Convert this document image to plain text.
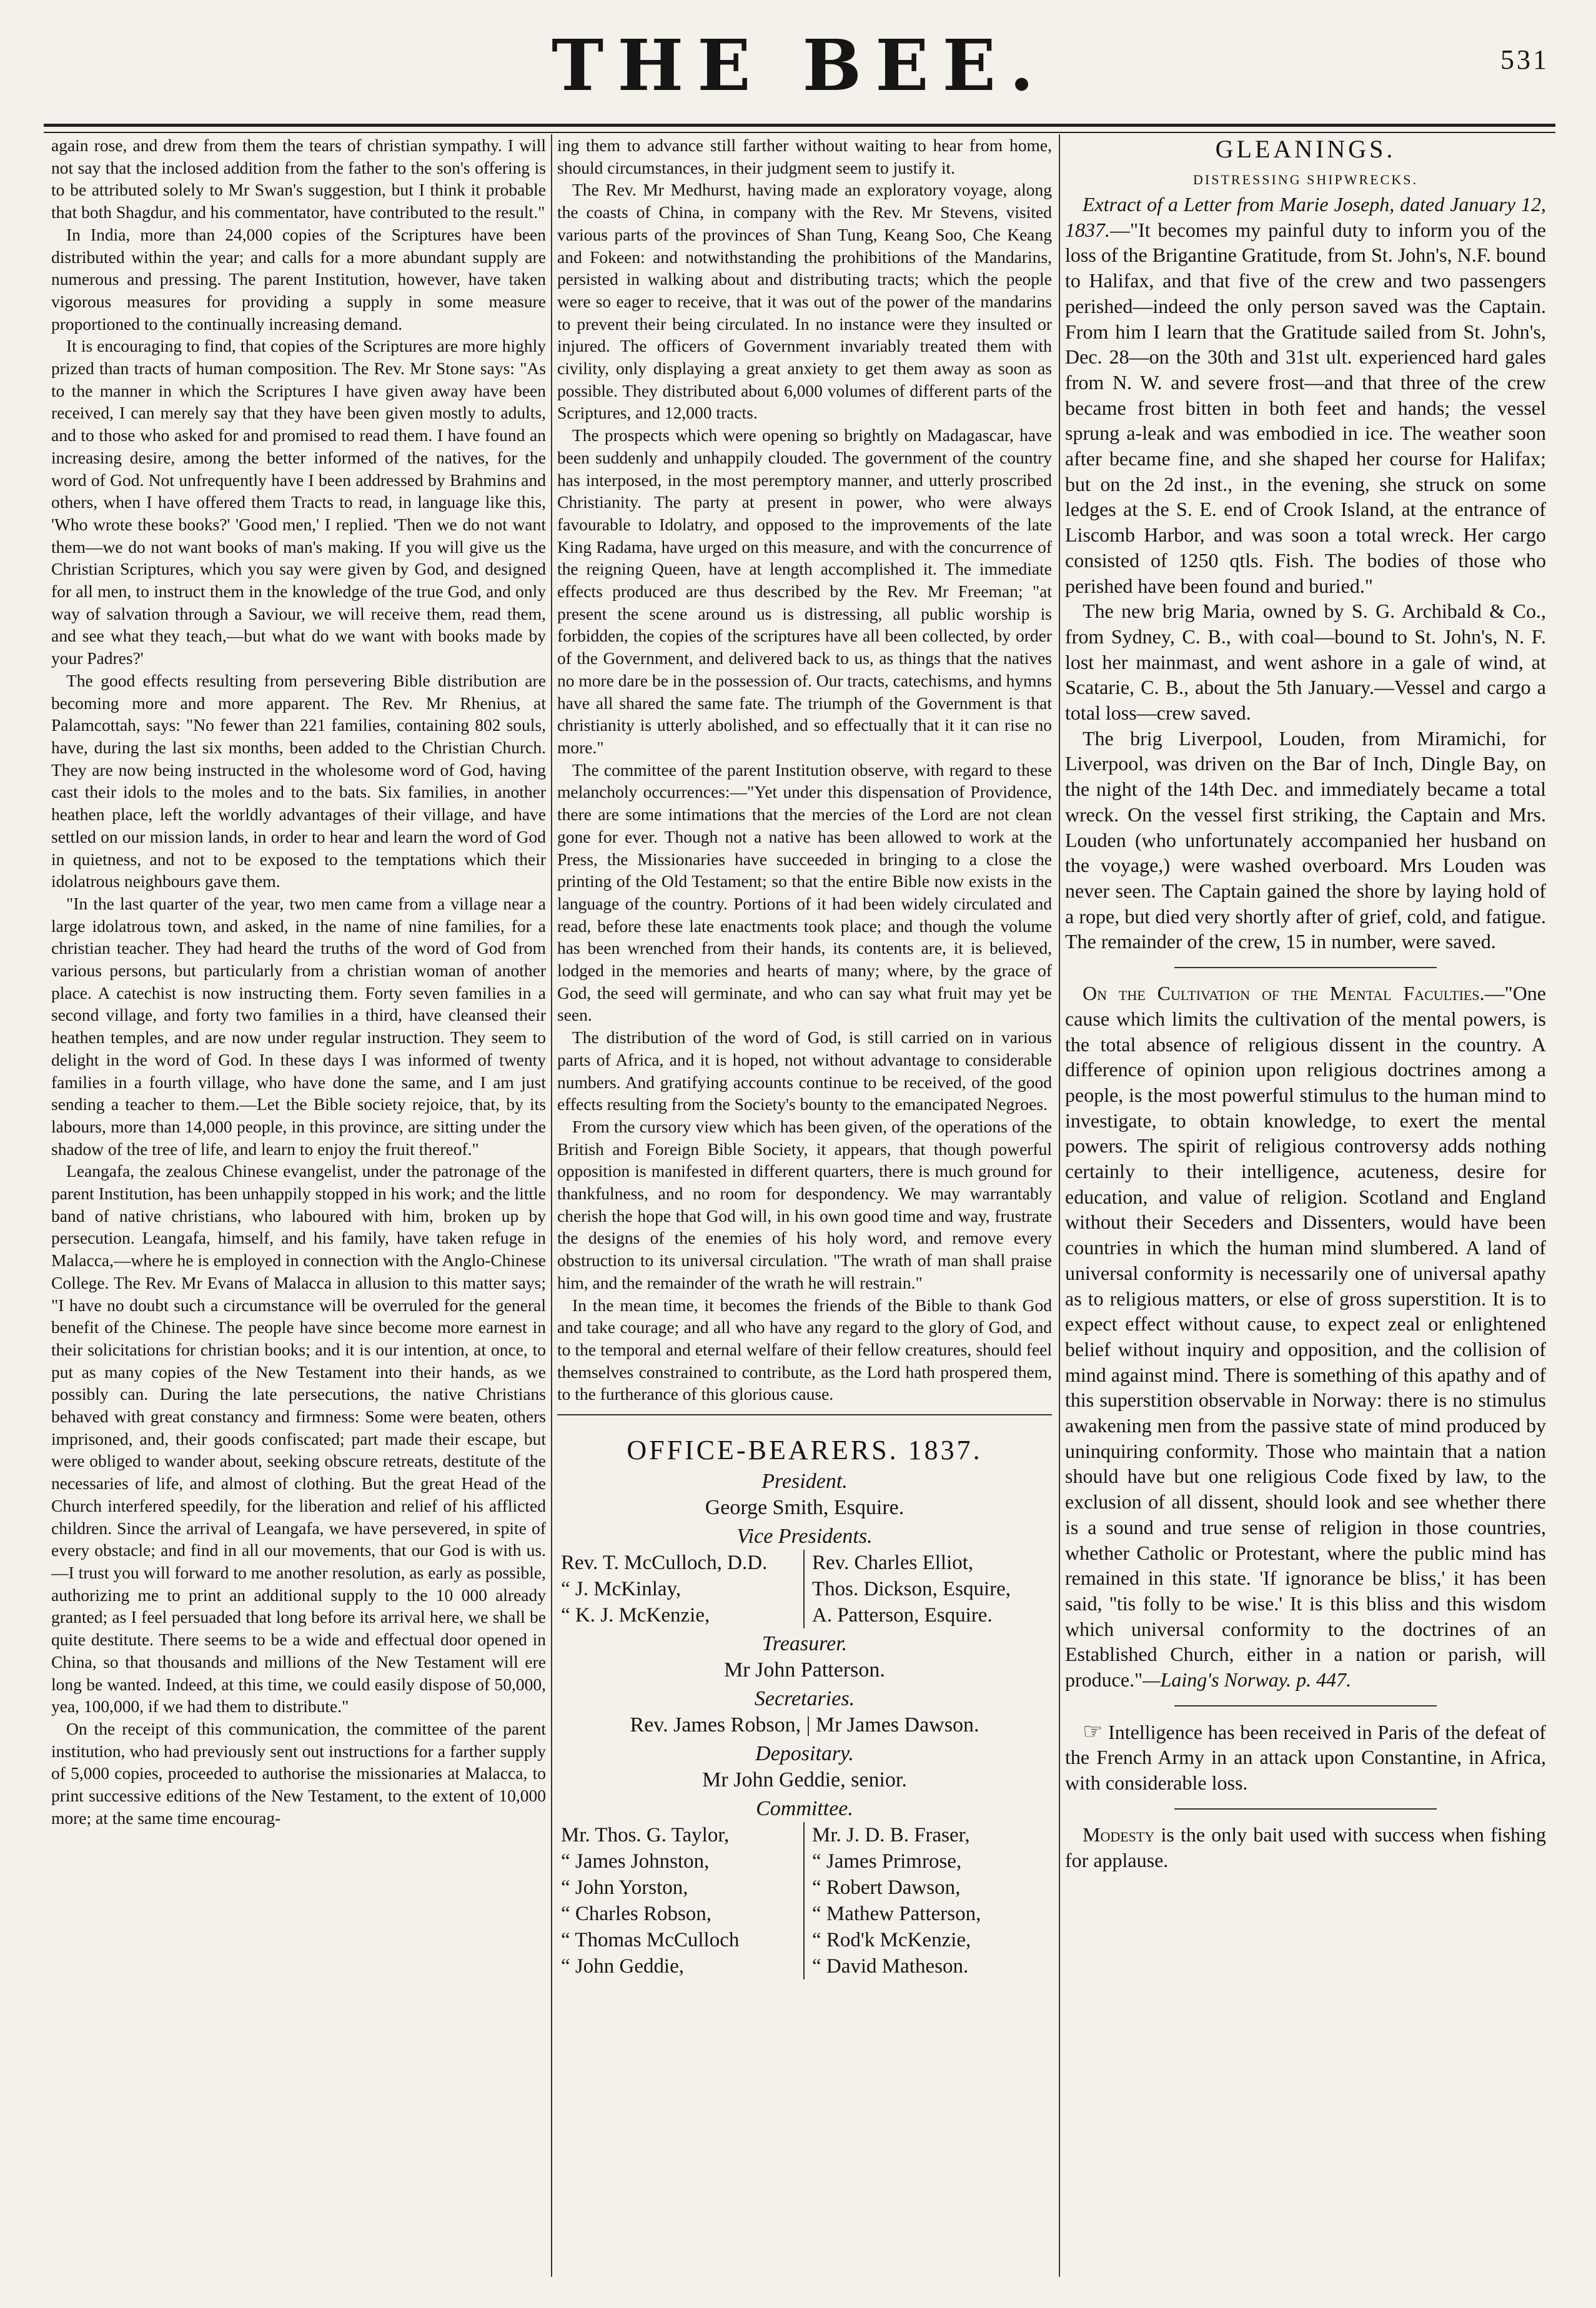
THE BEE.	531

again rose, and drew from them the tears of christian sympathy. I will not say that the inclosed addition from the father to the son's offering is to be attributed solely to Mr Swan's suggestion, but I think it probable that both Shagdur, and his commentator, have contributed to the result."

In India, more than 24,000 copies of the Scriptures have been distributed within the year; and calls for a more abundant supply are numerous and pressing. The parent Institution, however, have taken vigorous measures for providing a supply in some measure proportioned to the continually increasing demand.

It is encouraging to find, that copies of the Scriptures are more highly prized than tracts of human composition. The Rev. Mr Stone says: "As to the manner in which the Scriptures I have given away have been received, I can merely say that they have been given mostly to adults, and to those who asked for and promised to read them. I have found an increasing desire, among the better informed of the natives, for the word of God. Not unfrequently have I been addressed by Brahmins and others, when I have offered them Tracts to read, in language like this, 'Who wrote these books?' 'Good men,' I replied. 'Then we do not want them—we do not want books of man's making. If you will give us the Christian Scriptures, which you say were given by God, and designed for all men, to instruct them in the knowledge of the true God, and only way of salvation through a Saviour, we will receive them, read them, and see what they teach,—but what do we want with books made by your Padres?'

The good effects resulting from persevering Bible distribution are becoming more and more apparent. The Rev. Mr Rhenius, at Palamcottah, says: "No fewer than 221 families, containing 802 souls, have, during the last six months, been added to the Christian Church. They are now being instructed in the wholesome word of God, having cast their idols to the moles and to the bats. Six families, in another heathen place, left the worldly advantages of their village, and have settled on our mission lands, in order to hear and learn the word of God in quietness, and not to be exposed to the temptations which their idolatrous neighbours gave them.

"In the last quarter of the year, two men came from a village near a large idolatrous town, and asked, in the name of nine families, for a christian teacher. They had heard the truths of the word of God from various persons, but particularly from a christian woman of another place. A catechist is now instructing them. Forty seven families in a second village, and forty two families in a third, have cleansed their heathen temples, and are now under regular instruction. They seem to delight in the word of God. In these days I was informed of twenty families in a fourth village, who have done the same, and I am just sending a teacher to them.—Let the Bible society rejoice, that, by its labours, more than 14,000 people, in this province, are sitting under the shadow of the tree of life, and learn to enjoy the fruit thereof."

Leangafa, the zealous Chinese evangelist, under the patronage of the parent Institution, has been unhappily stopped in his work; and the little band of native christians, who laboured with him, broken up by persecution. Leangafa, himself, and his family, have taken refuge in Malacca,—where he is employed in connection with the Anglo-Chinese College. The Rev. Mr Evans of Malacca in allusion to this matter says; "I have no doubt such a circumstance will be overruled for the general benefit of the Chinese. The people have since become more earnest in their solicitations for christian books; and it is our intention, at once, to put as many copies of the New Testament into their hands, as we possibly can. During the late persecutions, the native Christians behaved with great constancy and firmness: Some were beaten, others imprisoned, and, their goods confiscated; part made their escape, but were obliged to wander about, seeking obscure retreats, destitute of the necessaries of life, and almost of clothing. But the great Head of the Church interfered speedily, for the liberation and relief of his afflicted children. Since the arrival of Leangafa, we have persevered, in spite of every obstacle; and find in all our movements, that our God is with us.—I trust you will forward to me another resolution, as early as possible, authorizing me to print an additional supply to the 10 000 already granted; as I feel persuaded that long before its arrival here, we shall be quite destitute. There seems to be a wide and effectual door opened in China, so that thousands and millions of the New Testament will ere long be wanted. Indeed, at this time, we could easily dispose of 50,000, yea, 100,000, if we had them to distribute."

On the receipt of this communication, the committee of the parent institution, who had previously sent out instructions for a farther supply of 5,000 copies, proceeded to authorise the missionaries at Malacca, to print successive editions of the New Testament, to the extent of 10,000 more; at the same time encourag-

ing them to advance still farther without waiting to hear from home, should circumstances, in their judgment seem to justify it.

The Rev. Mr Medhurst, having made an exploratory voyage, along the coasts of China, in company with the Rev. Mr Stevens, visited various parts of the provinces of Shan Tung, Keang Soo, Che Keang and Fokeen: and notwithstanding the prohibitions of the Mandarins, persisted in walking about and distributing tracts; which the people were so eager to receive, that it was out of the power of the mandarins to prevent their being circulated. In no instance were they insulted or injured. The officers of Government invariably treated them with civility, only displaying a great anxiety to get them away as soon as possible. They distributed about 6,000 volumes of different parts of the Scriptures, and 12,000 tracts.

The prospects which were opening so brightly on Madagascar, have been suddenly and unhappily clouded. The government of the country has interposed, in the most peremptory manner, and utterly proscribed Christianity. The party at present in power, who were always favourable to Idolatry, and opposed to the improvements of the late King Radama, have urged on this measure, and with the concurrence of the reigning Queen, have at length accomplished it. The immediate effects produced are thus described by the Rev. Mr Freeman; "at present the scene around us is distressing, all public worship is forbidden, the copies of the scriptures have all been collected, by order of the Government, and delivered back to us, as things that the natives no more dare be in the possession of. Our tracts, catechisms, and hymns have all shared the same fate. The triumph of the Government is that christianity is utterly abolished, and so effectually that it it can rise no more."

The committee of the parent Institution observe, with regard to these melancholy occurrences:—"Yet under this dispensation of Providence, there are some intimations that the mercies of the Lord are not clean gone for ever. Though not a native has been allowed to work at the Press, the Missionaries have succeeded in bringing to a close the printing of the Old Testament; so that the entire Bible now exists in the language of the country. Portions of it had been widely circulated and read, before these late enactments took place; and though the volume has been wrenched from their hands, its contents are, it is believed, lodged in the memories and hearts of many; where, by the grace of God, the seed will germinate, and who can say what fruit may yet be seen.

The distribution of the word of God, is still carried on in various parts of Africa, and it is hoped, not without advantage to considerable numbers. And gratifying accounts continue to be received, of the good effects resulting from the Society's bounty to the emancipated Negroes.

From the cursory view which has been given, of the operations of the British and Foreign Bible Society, it appears, that though powerful opposition is manifested in different quarters, there is much ground for thankfulness, and no room for despondency. We may warrantably cherish the hope that God will, in his own good time and way, frustrate the designs of the enemies of his holy word, and remove every obstruction to its universal circulation. "The wrath of man shall praise him, and the remainder of the wrath he will restrain."

In the mean time, it becomes the friends of the Bible to thank God and take courage; and all who have any regard to the glory of God, and to the temporal and eternal welfare of their fellow creatures, should feel themselves constrained to contribute, as the Lord hath prospered them, to the furtherance of this glorious cause.

OFFICE-BEARERS. 1837.
President.
George Smith, Esquire.
Vice Presidents.
Rev. T. McCulloch, D.D.
“ J. McKinlay,
“ K. J. McKenzie,
Rev. Charles Elliot,
Thos. Dickson, Esquire,
A. Patterson, Esquire.
Treasurer.
Mr John Patterson.
Secretaries.
Rev. James Robson, | Mr James Dawson.
Depositary.
Mr John Geddie, senior.
Committee.
Mr. Thos. G. Taylor,
“ James Johnston,
“ John Yorston,
“ Charles Robson,
“ Thomas McCulloch
“ John Geddie,
Mr. J. D. B. Fraser,
“ James Primrose,
“ Robert Dawson,
“ Mathew Patterson,
“ Rod'k McKenzie,
“ David Matheson.
GLEANINGS.
DISTRESSING SHIPWRECKS.

Extract of a Letter from Marie Joseph, dated January 12, 1837.—"It becomes my painful duty to inform you of the loss of the Brigantine Gratitude, from St. John's, N.F. bound to Halifax, and that five of the crew and two passengers perished—indeed the only person saved was the Captain. From him I learn that the Gratitude sailed from St. John's, Dec. 28—on the 30th and 31st ult. experienced hard gales from N. W. and severe frost—and that three of the crew became frost bitten in both feet and hands; the vessel sprung a-leak and was embodied in ice. The weather soon after became fine, and she shaped her course for Halifax; but on the 2d inst., in the evening, she struck on some ledges at the S. E. end of Crook Island, at the entrance of Liscomb Harbor, and was soon a total wreck. Her cargo consisted of 1250 qtls. Fish. The bodies of those who perished have been found and buried."

The new brig Maria, owned by S. G. Archibald & Co., from Sydney, C. B., with coal—bound to St. John's, N. F. lost her mainmast, and went ashore in a gale of wind, at Scatarie, C. B., about the 5th January.—Vessel and cargo a total loss—crew saved.

The brig Liverpool, Louden, from Miramichi, for Liverpool, was driven on the Bar of Inch, Dingle Bay, on the night of the 14th Dec. and immediately became a total wreck. On the vessel first striking, the Captain and Mrs. Louden (who unfortunately accompanied her husband on the voyage,) were washed overboard. Mrs Louden was never seen. The Captain gained the shore by laying hold of a rope, but died very shortly after of grief, cold, and fatigue. The remainder of the crew, 15 in number, were saved.

On the Cultivation of the Mental Faculties.—"One cause which limits the cultivation of the mental powers, is the total absence of religious dissent in the country. A difference of opinion upon religious doctrines among a people, is the most powerful stimulus to the human mind to investigate, to obtain knowledge, to exert the mental powers. The spirit of religious controversy adds nothing certainly to their intelligence, acuteness, desire for education, and value of religion. Scotland and England without their Seceders and Dissenters, would have been countries in which the human mind slumbered. A land of universal conformity is necessarily one of universal apathy as to religious matters, or else of gross superstition. It is to expect effect without cause, to expect zeal or enlightened belief without inquiry and opposition, and the collision of mind against mind. There is something of this apathy and of this superstition observable in Norway: there is no stimulus awakening men from the passive state of mind produced by uninquiring conformity. Those who maintain that a nation should have but one religious Code fixed by law, to the exclusion of all dissent, should look and see whether there is a sound and true sense of religion in those countries, whether Catholic or Protestant, where the public mind has remained in this state. 'If ignorance be bliss,' it has been said, ''tis folly to be wise.' It is this bliss and this wisdom which universal conformity to the doctrines of an Established Church, either in a nation or parish, will produce."—Laing's Norway. p. 447.

☞ Intelligence has been received in Paris of the defeat of the French Army in an attack upon Constantine, in Africa, with considerable loss.

Modesty is the only bait used with success when fishing for applause.
